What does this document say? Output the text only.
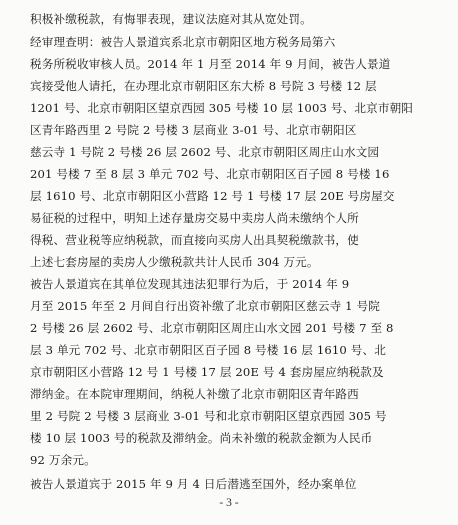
积极补缴税款，有悔罪表现，建议法庭对其从宽处罚。
经审理查明：被告人景道宾系北京市朝阳区地方税务局第六
税务所税收审核人员。2014 年 1 月至 2014 年 9 月间，被告人景道
宾接受他人请托，在办理北京市朝阳区东大桥 8 号院 3 号楼 12 层
1201 号、北京市朝阳区望京西园 305 号楼 10 层 1003 号、北京市朝阳
区青年路西里 2 号院 2 号楼 3 层商业 3-01 号、北京市朝阳区
慈云寺 1 号院 2 号楼 26 层 2602 号、北京市朝阳区周庄山水文园
201 号楼 7 至 8 层 3 单元 702 号、北京市朝阳区百子园 8 号楼 16
层 1610 号、北京市朝阳区小营路 12 号 1 号楼 17 层 20E 号房屋交
易征税的过程中，明知上述存量房交易中卖房人尚未缴纳个人所
得税、营业税等应纳税款，而直接向买房人出具契税缴款书，使
上述七套房屋的卖房人少缴税款共计人民币 304 万元。
被告人景道宾在其单位发现其违法犯罪行为后，于 2014 年 9
月至 2015 年至 2 月间自行出资补缴了北京市朝阳区慈云寺 1 号院
2 号楼 26 层 2602 号、北京市朝阳区周庄山水文园 201 号楼 7 至 8
层 3 单元 702 号、北京市朝阳区百子园 8 号楼 16 层 1610 号、北
京市朝阳区小营路 12 号 1 号楼 17 层 20E 号 4 套房屋应纳税款及
滞纳金。在本院审理期间，纳税人补缴了北京市朝阳区青年路西
里 2 号院 2 号楼 3 层商业 3-01 号和北京市朝阳区望京西园 305 号
楼 10 层 1003 号的税款及滞纳金。尚未补缴的税款金额为人民币
92 万余元。
被告人景道宾于 2015 年 9 月 4 日后潜逃至国外，经办案单位
- 3 -
